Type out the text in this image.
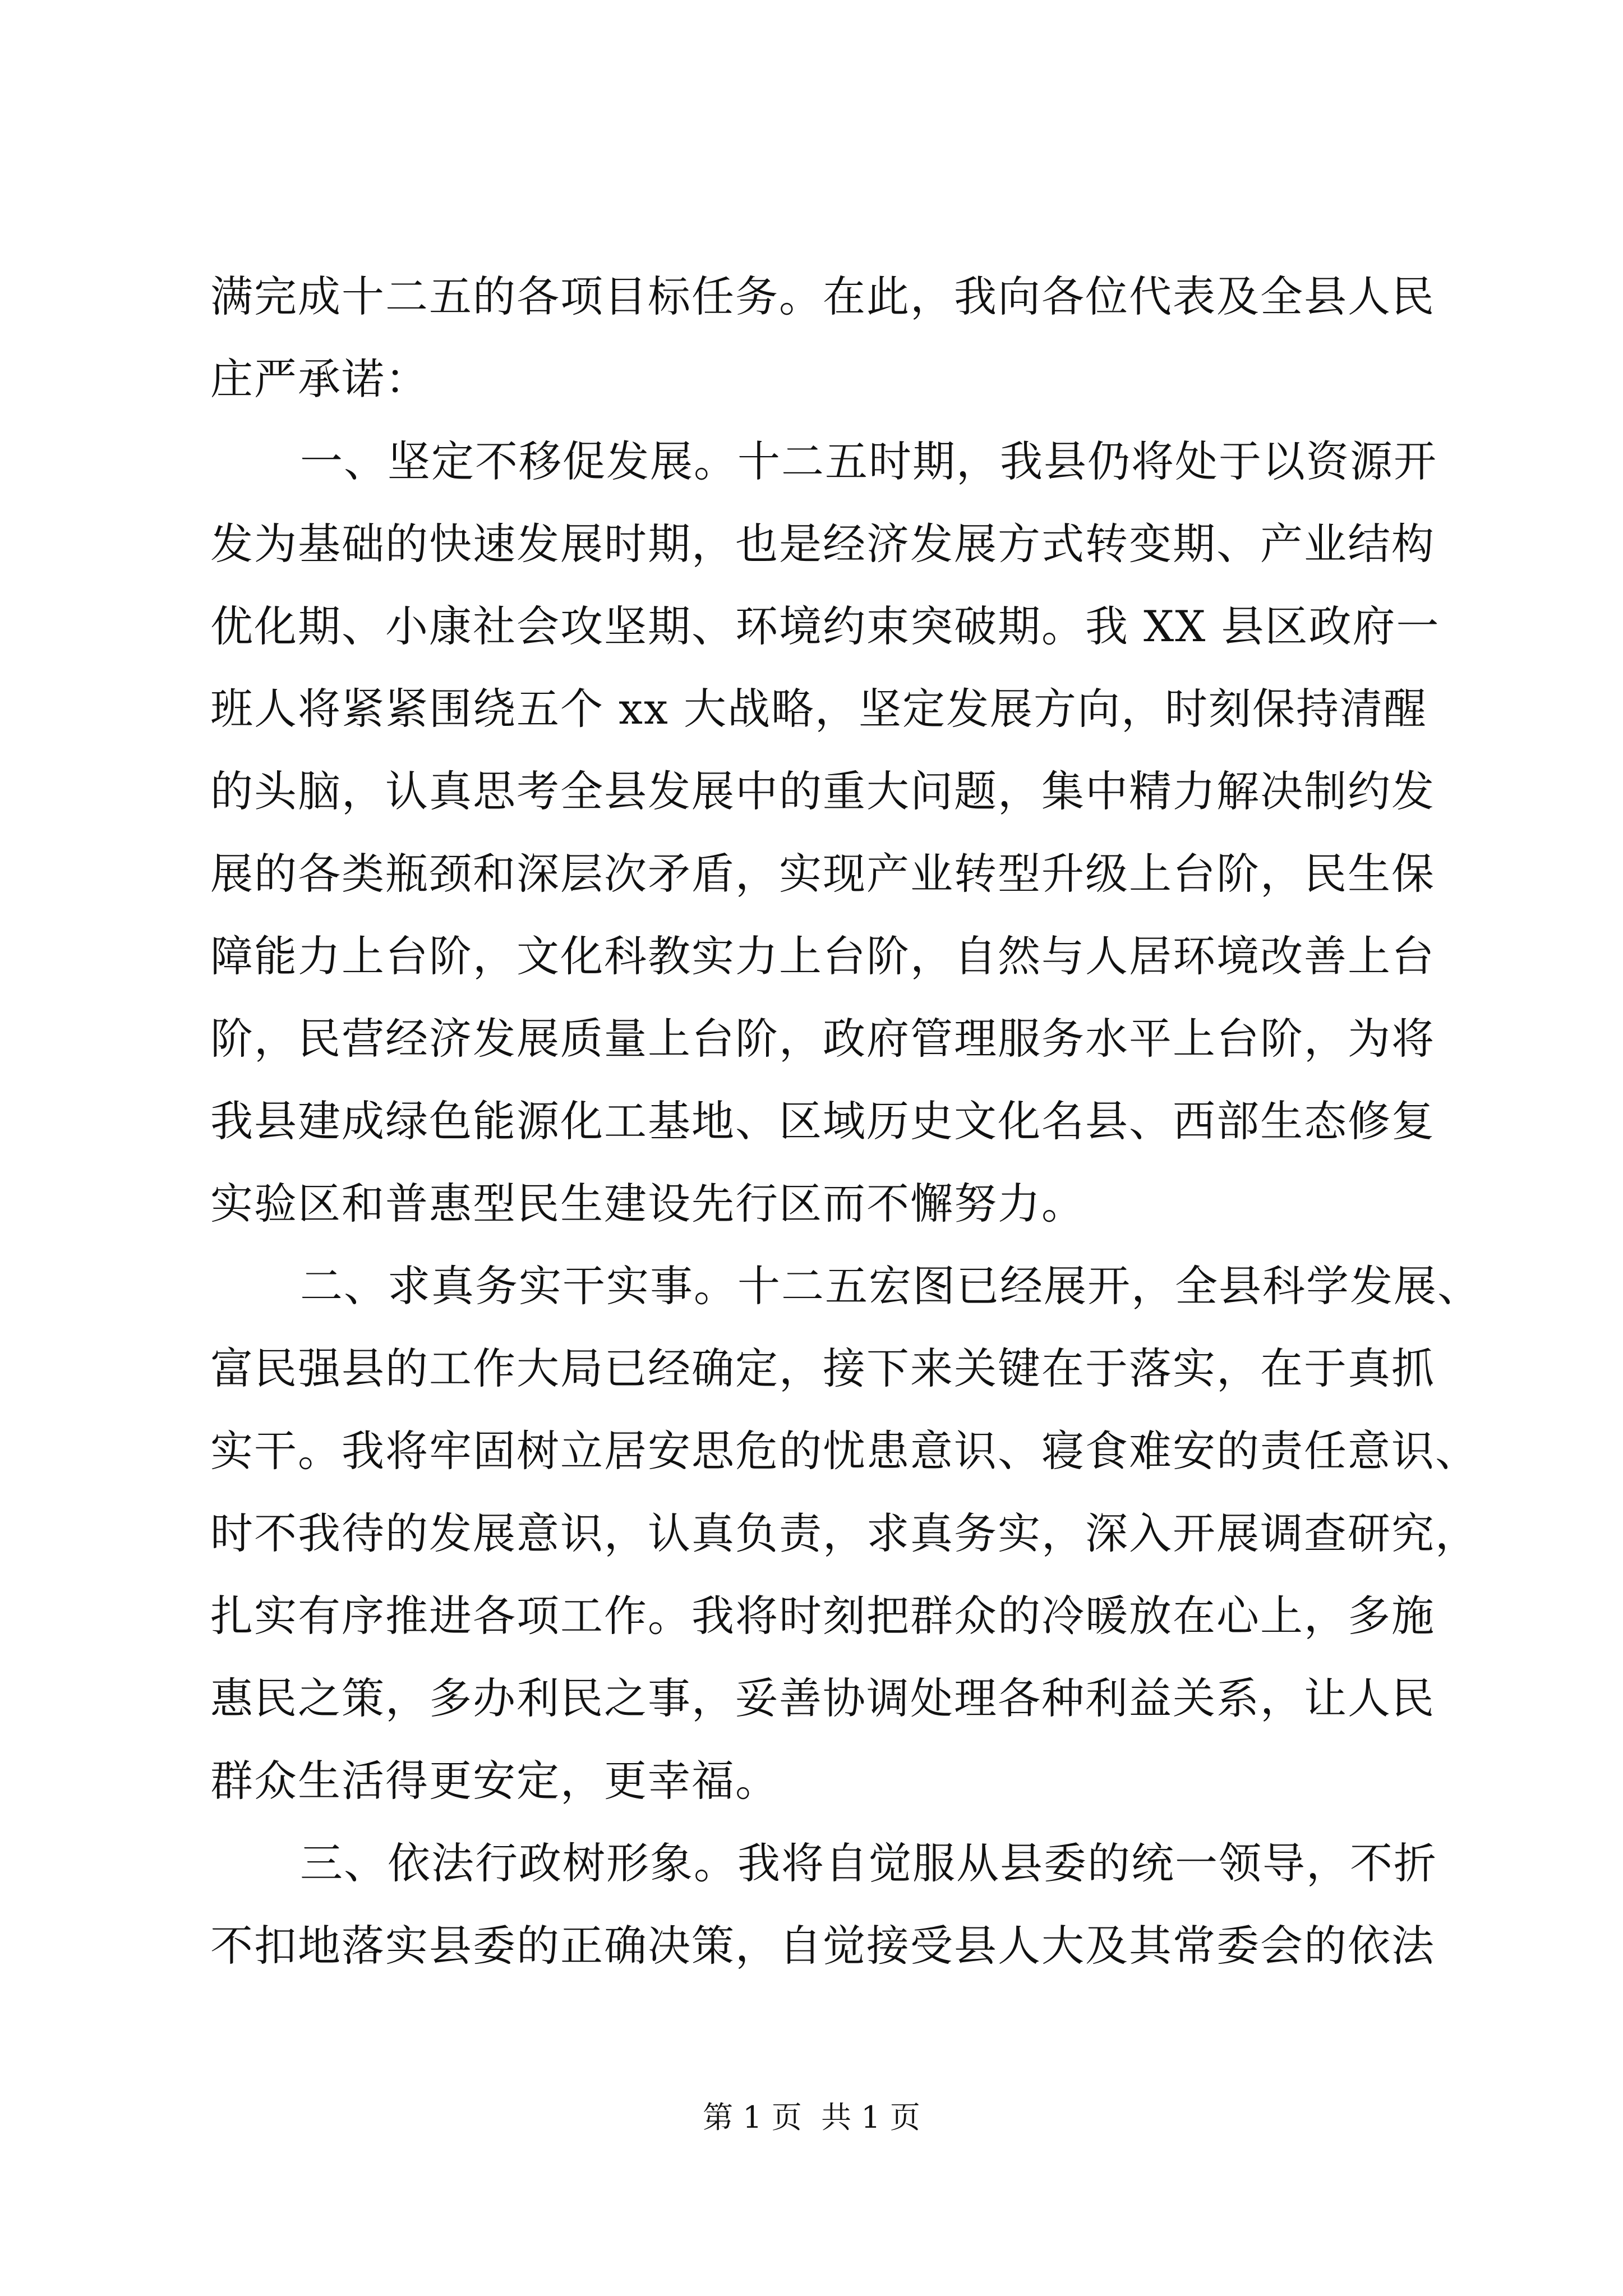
满完成十二五的各项目标任务。在此，我向各位代表及全县人民
庄严承诺：
一、坚定不移促发展。十二五时期，我县仍将处于以资源开
发为基础的快速发展时期，也是经济发展方式转变期、产业结构
优化期、小康社会攻坚期、环境约束突破期。我 XX 县区政府一
班人将紧紧围绕五个 xx 大战略，坚定发展方向，时刻保持清醒
的头脑，认真思考全县发展中的重大问题，集中精力解决制约发
展的各类瓶颈和深层次矛盾，实现产业转型升级上台阶，民生保
障能力上台阶，文化科教实力上台阶，自然与人居环境改善上台
阶，民营经济发展质量上台阶，政府管理服务水平上台阶，为将
我县建成绿色能源化工基地、区域历史文化名县、西部生态修复
实验区和普惠型民生建设先行区而不懈努力。
二、求真务实干实事。十二五宏图已经展开，全县科学发展、
富民强县的工作大局已经确定，接下来关键在于落实，在于真抓
实干。我将牢固树立居安思危的忧患意识、寝食难安的责任意识、
时不我待的发展意识，认真负责，求真务实，深入开展调查研究，
扎实有序推进各项工作。我将时刻把群众的冷暖放在心上，多施
惠民之策，多办利民之事，妥善协调处理各种利益关系，让人民
群众生活得更安定，更幸福。
三、依法行政树形象。我将自觉服从县委的统一领导，不折
不扣地落实县委的正确决策，自觉接受县人大及其常委会的依法
第 1 页  共 1 页
